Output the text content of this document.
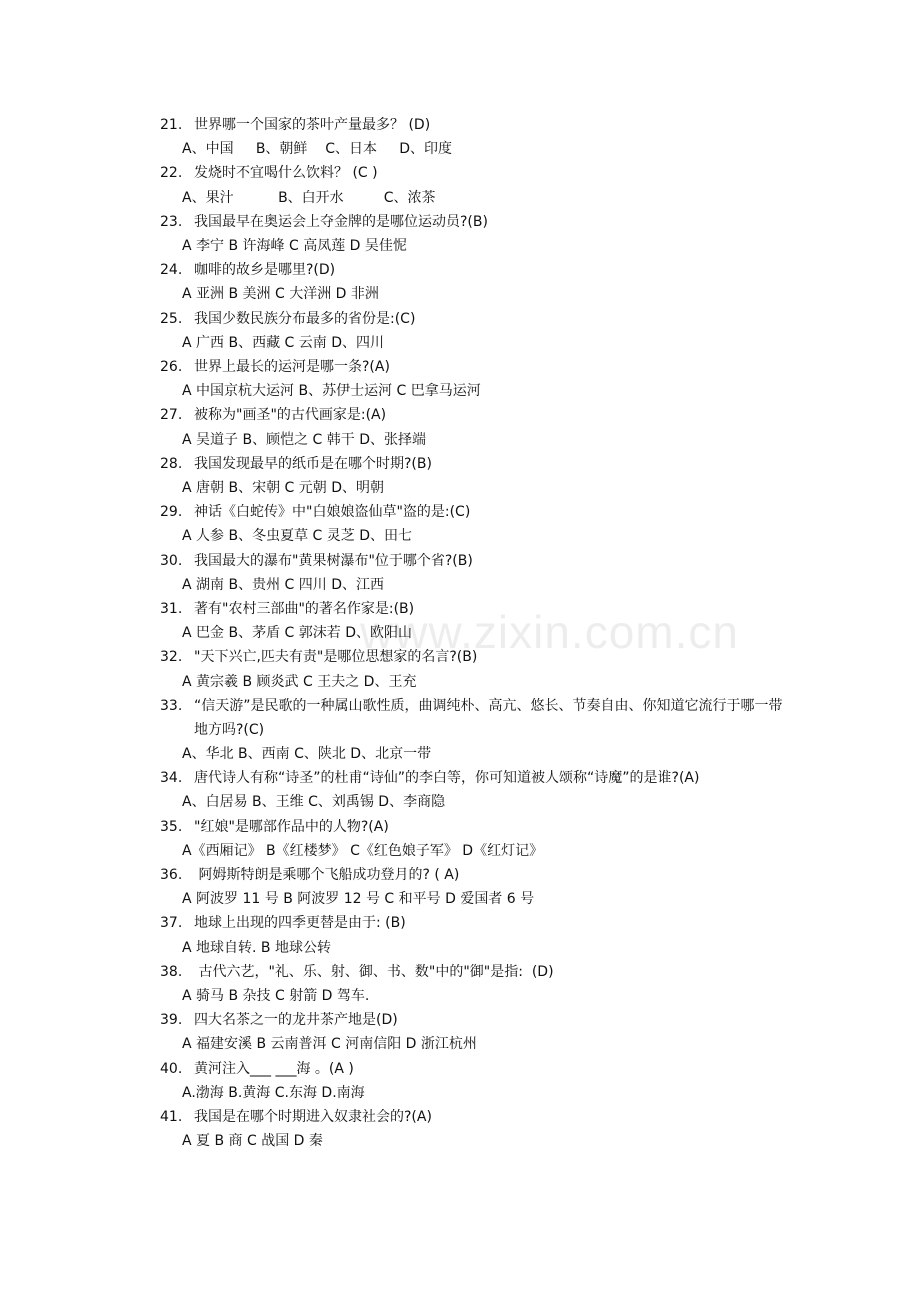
21. 世界哪一个国家的茶叶产量最多？ (D)
A、中国     B、朝鲜    C、日本     D、印度
22. 发烧时不宜喝什么饮料？ (C )
A、果汁          B、白开水         C、浓茶
23. 我国最早在奥运会上夺金牌的是哪位运动员?(B)
A 李宁 B 许海峰 C 高凤莲 D 吴佳怩
24. 咖啡的故乡是哪里?(D)
A 亚洲 B 美洲 C 大洋洲 D 非洲
25. 我国少数民族分布最多的省份是:(C)
A 广西 B、西藏 C 云南 D、四川
26. 世界上最长的运河是哪一条?(A)
A 中国京杭大运河 B、苏伊士运河 C 巴拿马运河
27. 被称为"画圣"的古代画家是:(A)
A 吴道子 B、顾恺之 C 韩干 D、张择端
28. 我国发现最早的纸币是在哪个时期?(B)
A 唐朝 B、宋朝 C 元朝 D、明朝
29. 神话《白蛇传》中"白娘娘盗仙草"盗的是:(C)
A 人参 B、冬虫夏草 C 灵芝 D、田七
30. 我国最大的瀑布"黄果树瀑布"位于哪个省?(B)
A 湖南 B、贵州 C 四川 D、江西
31. 著有"农村三部曲"的著名作家是:(B)
A 巴金 B、茅盾 C 郭沫若 D、欧阳山
32. "天下兴亡,匹夫有责"是哪位思想家的名言?(B)
A 黄宗羲 B 顾炎武 C 王夫之 D、王充
33. “信天游”是民歌的一种属山歌性质，曲调纯朴、高亢、悠长、节奏自由、你知道它流行于哪一带地方吗?(C)
A、华北 B、西南 C、陕北 D、北京一带
34. 唐代诗人有称“诗圣”的杜甫“诗仙”的李白等，你可知道被人颂称“诗魔”的是谁?(A)
A、白居易 B、王维 C、刘禹锡 D、李商隐
35. "红娘"是哪部作品中的人物?(A)
A《西厢记》 B《红楼梦》 C《红色娘子军》 D《红灯记》
36. 阿姆斯特朗是乘哪个飞船成功登月的? ( A)
A 阿波罗 11 号 B 阿波罗 12 号 C 和平号 D 爱国者 6 号
37. 地球上出现的四季更替是由于: (B)
A 地球自转. B 地球公转
38. 古代六艺，"礼、乐、射、御、书、数"中的"御"是指:  (D)
A 骑马 B 杂技 C 射箭 D 驾车.
39. 四大名茶之一的龙井茶产地是(D)
A 福建安溪 B 云南普洱 C 河南信阳 D 浙江杭州
40. 黄河注入___ ___海 。(A )
A.渤海 B.黄海 C.东海 D.南海
41. 我国是在哪个时期进入奴隶社会的?(A)
A 夏 B 商 C 战国 D 秦
www.zixin.com.cn
